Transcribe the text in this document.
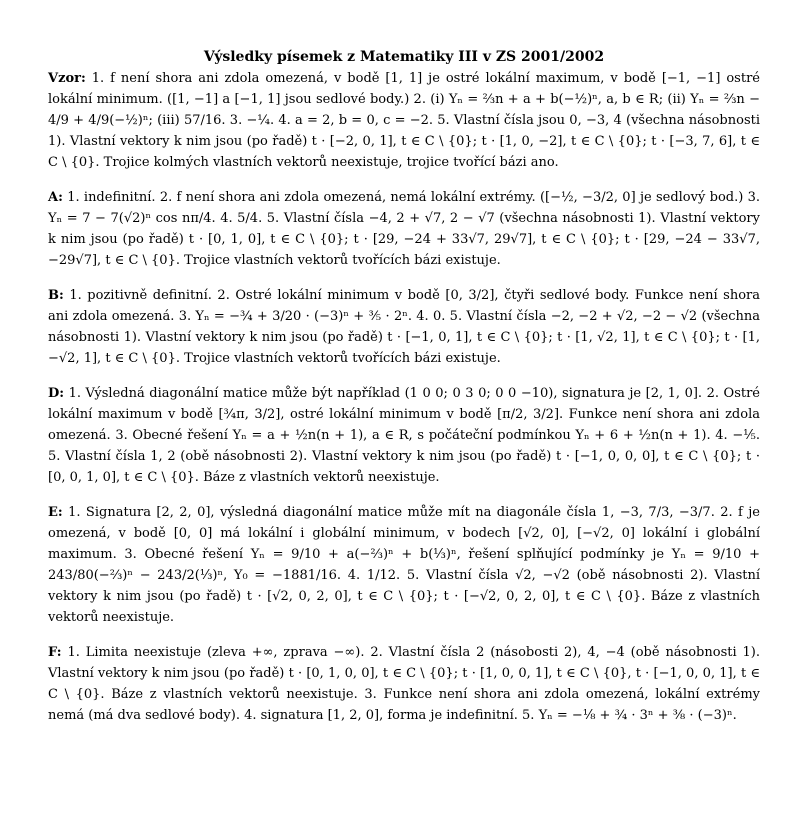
Výsledky písemek z Matematiky III v ZS 2001/2002
Vzor: 1. f není shora ani zdola omezená, v bodě [1, 1] je ostré lokální maximum, v bodě [−1, −1] ostré lokální minimum. ([1, −1] a [−1, 1] jsou sedlové body.) 2. (i) Yₙ = ⅔n + a + b(−½)ⁿ, a, b ∈ R; (ii) Yₙ = ⅔n − 4/9 + 4/9(−½)ⁿ; (iii) 57/16. 3. −¼. 4. a = 2, b = 0, c = −2. 5. Vlastní čísla jsou 0, −3, 4 (všechna násobnosti 1). Vlastní vektory k nim jsou (po řadě) t · [−2, 0, 1], t ∈ C \ {0}; t · [1, 0, −2], t ∈ C \ {0}; t · [−3, 7, 6], t ∈ C \ {0}. Trojice kolmých vlastních vektorů neexistuje, trojice tvořící bázi ano.
A: 1. indefinitní. 2. f není shora ani zdola omezená, nemá lokální extrémy. ([−½, −3/2, 0] je sedlový bod.) 3. Yₙ = 7 − 7(√2)ⁿ cos nπ/4. 4. 5/4. 5. Vlastní čísla −4, 2 + √7, 2 − √7 (všechna násobnosti 1). Vlastní vektory k nim jsou (po řadě) t · [0, 1, 0], t ∈ C \ {0}; t · [29, −24 + 33√7, 29√7], t ∈ C \ {0}; t · [29, −24 − 33√7, −29√7], t ∈ C \ {0}. Trojice vlastních vektorů tvořících bázi existuje.
B: 1. pozitivně definitní. 2. Ostré lokální minimum v bodě [0, 3/2], čtyři sedlové body. Funkce není shora ani zdola omezená. 3. Yₙ = −¾ + 3/20 · (−3)ⁿ + ⅗ · 2ⁿ. 4. 0. 5. Vlastní čísla −2, −2 + √2, −2 − √2 (všechna násobnosti 1). Vlastní vektory k nim jsou (po řadě) t · [−1, 0, 1], t ∈ C \ {0}; t · [1, √2, 1], t ∈ C \ {0}; t · [1, −√2, 1], t ∈ C \ {0}. Trojice vlastních vektorů tvořících bázi existuje.
D: 1. Výsledná diagonální matice může být například (1 0 0; 0 3 0; 0 0 −10), signatura je [2, 1, 0]. 2. Ostré lokální maximum v bodě [¾π, 3/2], ostré lokální minimum v bodě [π/2, 3/2]. Funkce není shora ani zdola omezená. 3. Obecné řešení Yₙ = a + ½n(n + 1), a ∈ R, s počáteční podmínkou Yₙ + 6 + ½n(n + 1). 4. −⅕. 5. Vlastní čísla 1, 2 (obě násobnosti 2). Vlastní vektory k nim jsou (po řadě) t · [−1, 0, 0, 0], t ∈ C \ {0}; t · [0, 0, 1, 0], t ∈ C \ {0}. Báze z vlastních vektorů neexistuje.
E: 1. Signatura [2, 2, 0], výsledná diagonální matice může mít na diagonále čísla 1, −3, 7/3, −3/7. 2. f je omezená, v bodě [0, 0] má lokální i globální minimum, v bodech [√2, 0], [−√2, 0] lokální i globální maximum. 3. Obecné řešení Yₙ = 9/10 + a(−⅔)ⁿ + b(⅓)ⁿ, řešení splňující podmínky je Yₙ = 9/10 + 243/80(−⅔)ⁿ − 243/2(⅓)ⁿ, Y₀ = −1881/16. 4. 1/12. 5. Vlastní čísla √2, −√2 (obě násobnosti 2). Vlastní vektory k nim jsou (po řadě) t · [√2, 0, 2, 0], t ∈ C \ {0}; t · [−√2, 0, 2, 0], t ∈ C \ {0}. Báze z vlastních vektorů neexistuje.
F: 1. Limita neexistuje (zleva +∞, zprava −∞). 2. Vlastní čísla 2 (násobosti 2), 4, −4 (obě násobnosti 1). Vlastní vektory k nim jsou (po řadě) t · [0, 1, 0, 0], t ∈ C \ {0}; t · [1, 0, 0, 1], t ∈ C \ {0}, t · [−1, 0, 0, 1], t ∈ C \ {0}. Báze z vlastních vektorů neexistuje. 3. Funkce není shora ani zdola omezená, lokální extrémy nemá (má dva sedlové body). 4. signatura [1, 2, 0], forma je indefinitní. 5. Yₙ = −⅛ + ¾ · 3ⁿ + ⅜ · (−3)ⁿ.
